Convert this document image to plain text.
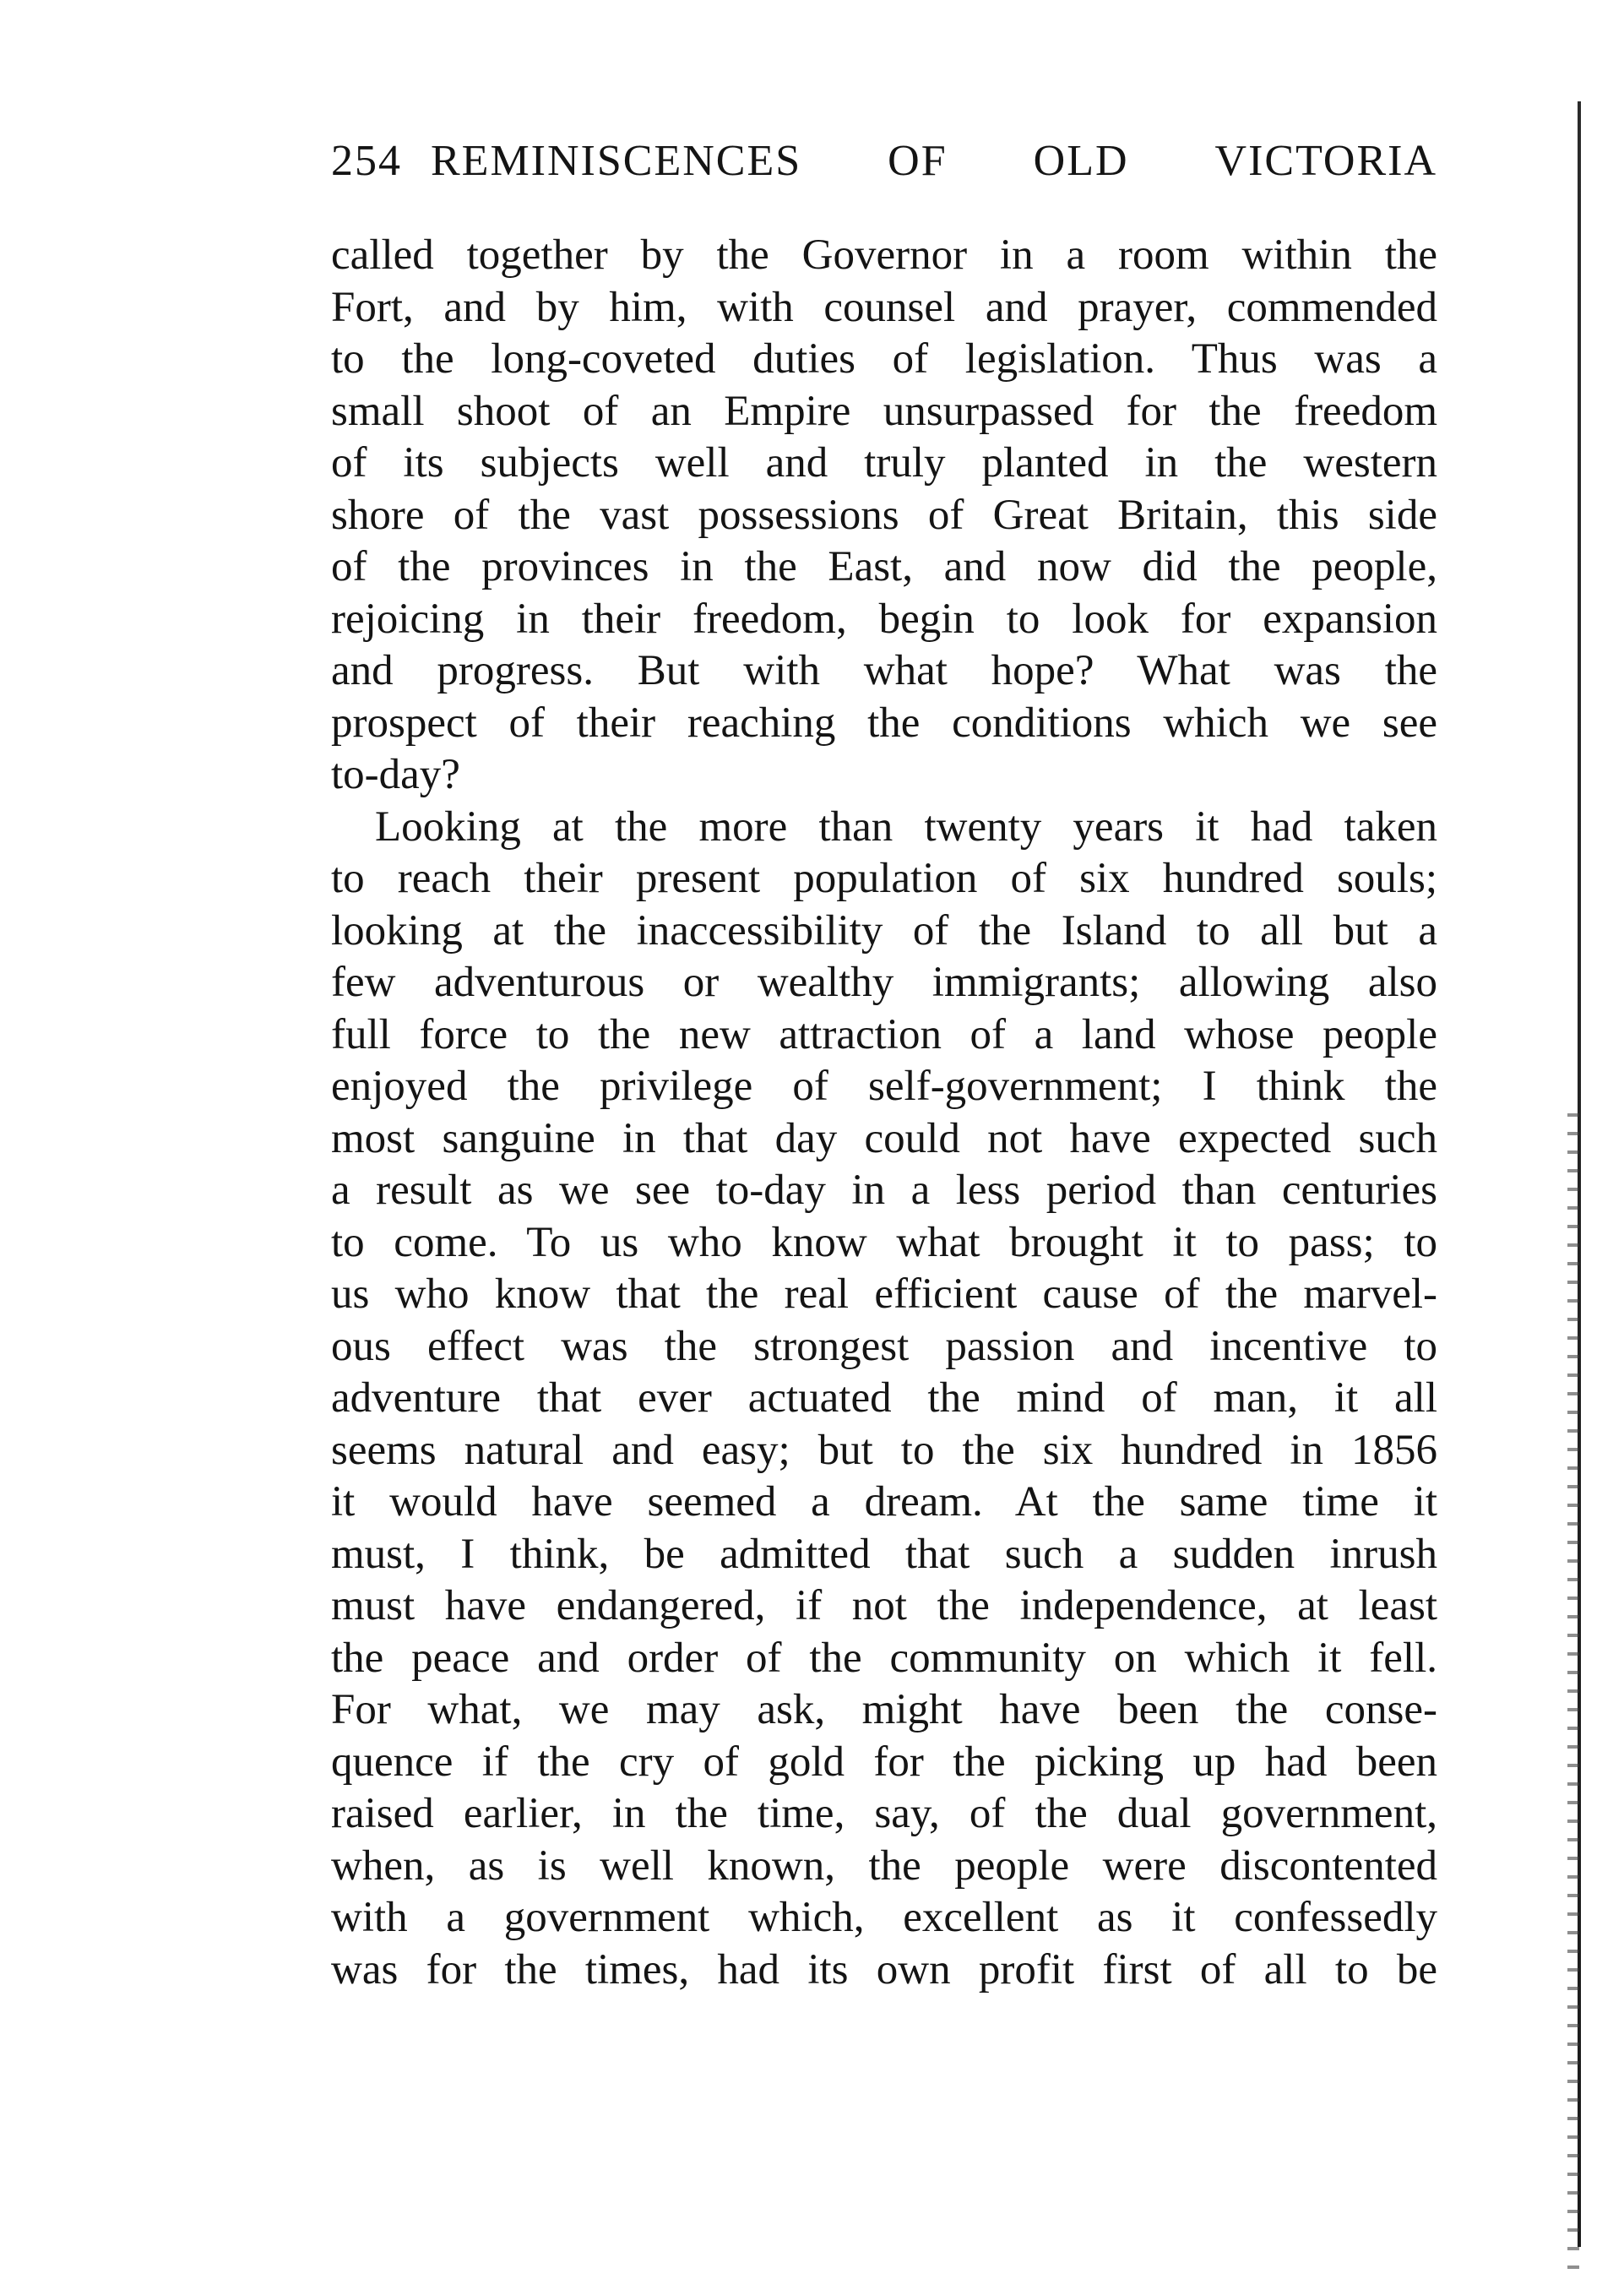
254 REMINISCENCES OF OLD VICTORIA
called together by the Governor in a room within the
Fort, and by him, with counsel and prayer, commended
to the long-coveted duties of legislation. Thus was a
small shoot of an Empire unsurpassed for the freedom
of its subjects well and truly planted in the western
shore of the vast possessions of Great Britain, this side
of the provinces in the East, and now did the people,
rejoicing in their freedom, begin to look for expansion
and progress. But with what hope? What was the
prospect of their reaching the conditions which we see
to-day?
Looking at the more than twenty years it had taken
to reach their present population of six hundred souls;
looking at the inaccessibility of the Island to all but a
few adventurous or wealthy immigrants; allowing also
full force to the new attraction of a land whose people
enjoyed the privilege of self-government; I think the
most sanguine in that day could not have expected such
a result as we see to-day in a less period than centuries
to come. To us who know what brought it to pass; to
us who know that the real efficient cause of the marvel-
ous effect was the strongest passion and incentive to
adventure that ever actuated the mind of man, it all
seems natural and easy; but to the six hundred in 1856
it would have seemed a dream. At the same time it
must, I think, be admitted that such a sudden inrush
must have endangered, if not the independence, at least
the peace and order of the community on which it fell.
For what, we may ask, might have been the conse-
quence if the cry of gold for the picking up had been
raised earlier, in the time, say, of the dual government,
when, as is well known, the people were discontented
with a government which, excellent as it confessedly
was for the times, had its own profit first of all to be
